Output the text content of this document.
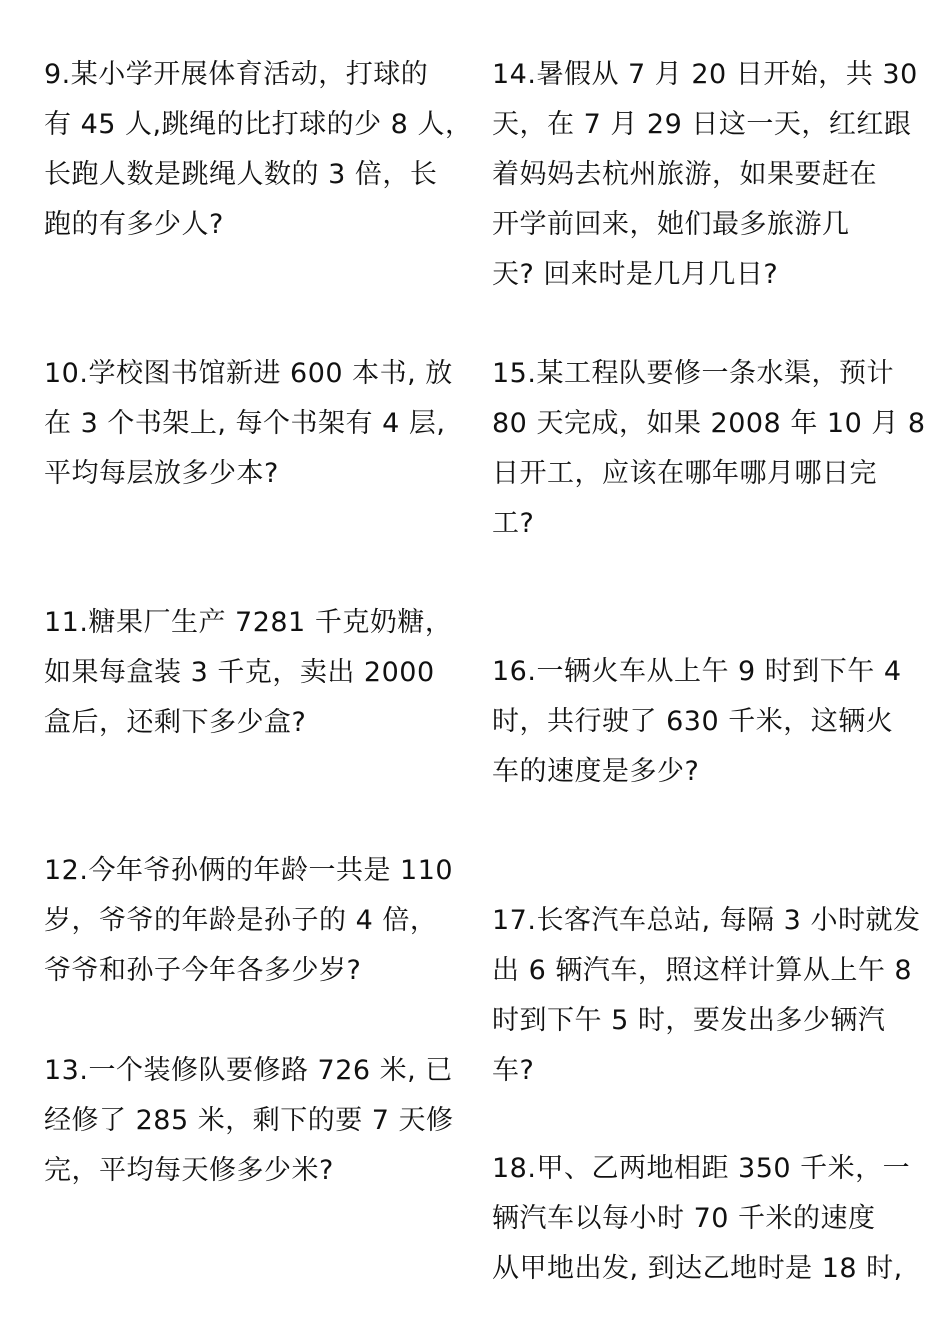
9.某小学开展体育活动，打球的
有 45 人,跳绳的比打球的少 8 人，
长跑人数是跳绳人数的 3 倍，长
跑的有多少人?
10.学校图书馆新进 600 本书, 放
在 3 个书架上, 每个书架有 4 层,
平均每层放多少本?
11.糖果厂生产 7281 千克奶糖，
如果每盒装 3 千克，卖出 2000
盒后，还剩下多少盒?
12.今年爷孙俩的年龄一共是 110
岁，爷爷的年龄是孙子的 4 倍，
爷爷和孙子今年各多少岁?
13.一个装修队要修路 726 米, 已
经修了 285 米，剩下的要 7 天修
完，平均每天修多少米?
14.暑假从 7 月 20 日开始，共 30
天，在 7 月 29 日这一天，红红跟
着妈妈去杭州旅游，如果要赶在
开学前回来，她们最多旅游几
天? 回来时是几月几日?
15.某工程队要修一条水渠，预计
80 天完成，如果 2008 年 10 月 8
日开工，应该在哪年哪月哪日完
工?
16.一辆火车从上午 9 时到下午 4
时，共行驶了 630 千米，这辆火
车的速度是多少?
17.长客汽车总站, 每隔 3 小时就发
出 6 辆汽车，照这样计算从上午 8
时到下午 5 时，要发出多少辆汽
车?
18.甲、乙两地相距 350 千米，一
辆汽车以每小时 70 千米的速度
从甲地出发, 到达乙地时是 18 时,
